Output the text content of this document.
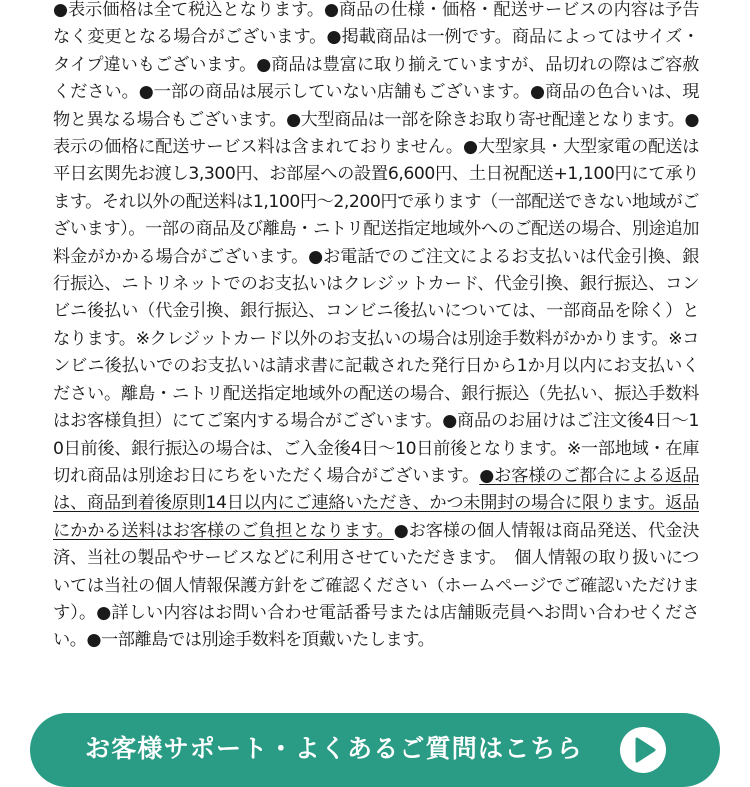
●表示価格は全て税込となります。●商品の仕様・価格・配送サービスの内容は予告なく変更となる場合がございます。●掲載商品は一例です。商品によってはサイズ・タイプ違いもございます。●商品は豊富に取り揃えていますが、品切れの際はご容赦ください。●一部の商品は展示していない店舗もございます。●商品の色合いは、現物と異なる場合もございます。●大型商品は一部を除きお取り寄せ配達となります。●表示の価格に配送サービス料は含まれておりません。●大型家具・大型家電の配送は平日玄関先お渡し3,300円、お部屋への設置6,600円、土日祝配送+1,100円にて承ります。それ以外の配送料は1,100円〜2,200円で承ります（一部配送できない地域がございます）。一部の商品及び離島・ニトリ配送指定地域外へのご配送の場合、別途追加料金がかかる場合がございます。●お電話でのご注文によるお支払いは代金引換、銀行振込、ニトリネットでのお支払いはクレジットカード、代金引換、銀行振込、コンビニ後払い（代金引換、銀行振込、コンビニ後払いについては、一部商品を除く）となります。※クレジットカード以外のお支払いの場合は別途手数料がかかります。※コンビニ後払いでのお支払いは請求書に記載された発行日から1か月以内にお支払いください。離島・ニトリ配送指定地域外の配送の場合、銀行振込（先払い、振込手数料はお客様負担）にてご案内する場合がございます。●商品のお届けはご注文後4日〜10日前後、銀行振込の場合は、ご入金後4日〜10日前後となります。※一部地域・在庫切れ商品は別途お日にちをいただく場合がございます。●お客様のご都合による返品は、商品到着後原則14日以内にご連絡いただき、かつ未開封の場合に限ります。返品にかかる送料はお客様のご負担となります。●お客様の個人情報は商品発送、代金決済、当社の製品やサービスなどに利用させていただきます。　個人情報の取り扱いについては当社の個人情報保護方針をご確認ください（ホームページでご確認いただけます）。●詳しい内容はお問い合わせ電話番号または店舗販売員へお問い合わせください。●一部離島では別途手数料を頂戴いたします。
お客様サポート・よくあるご質問はこちら
